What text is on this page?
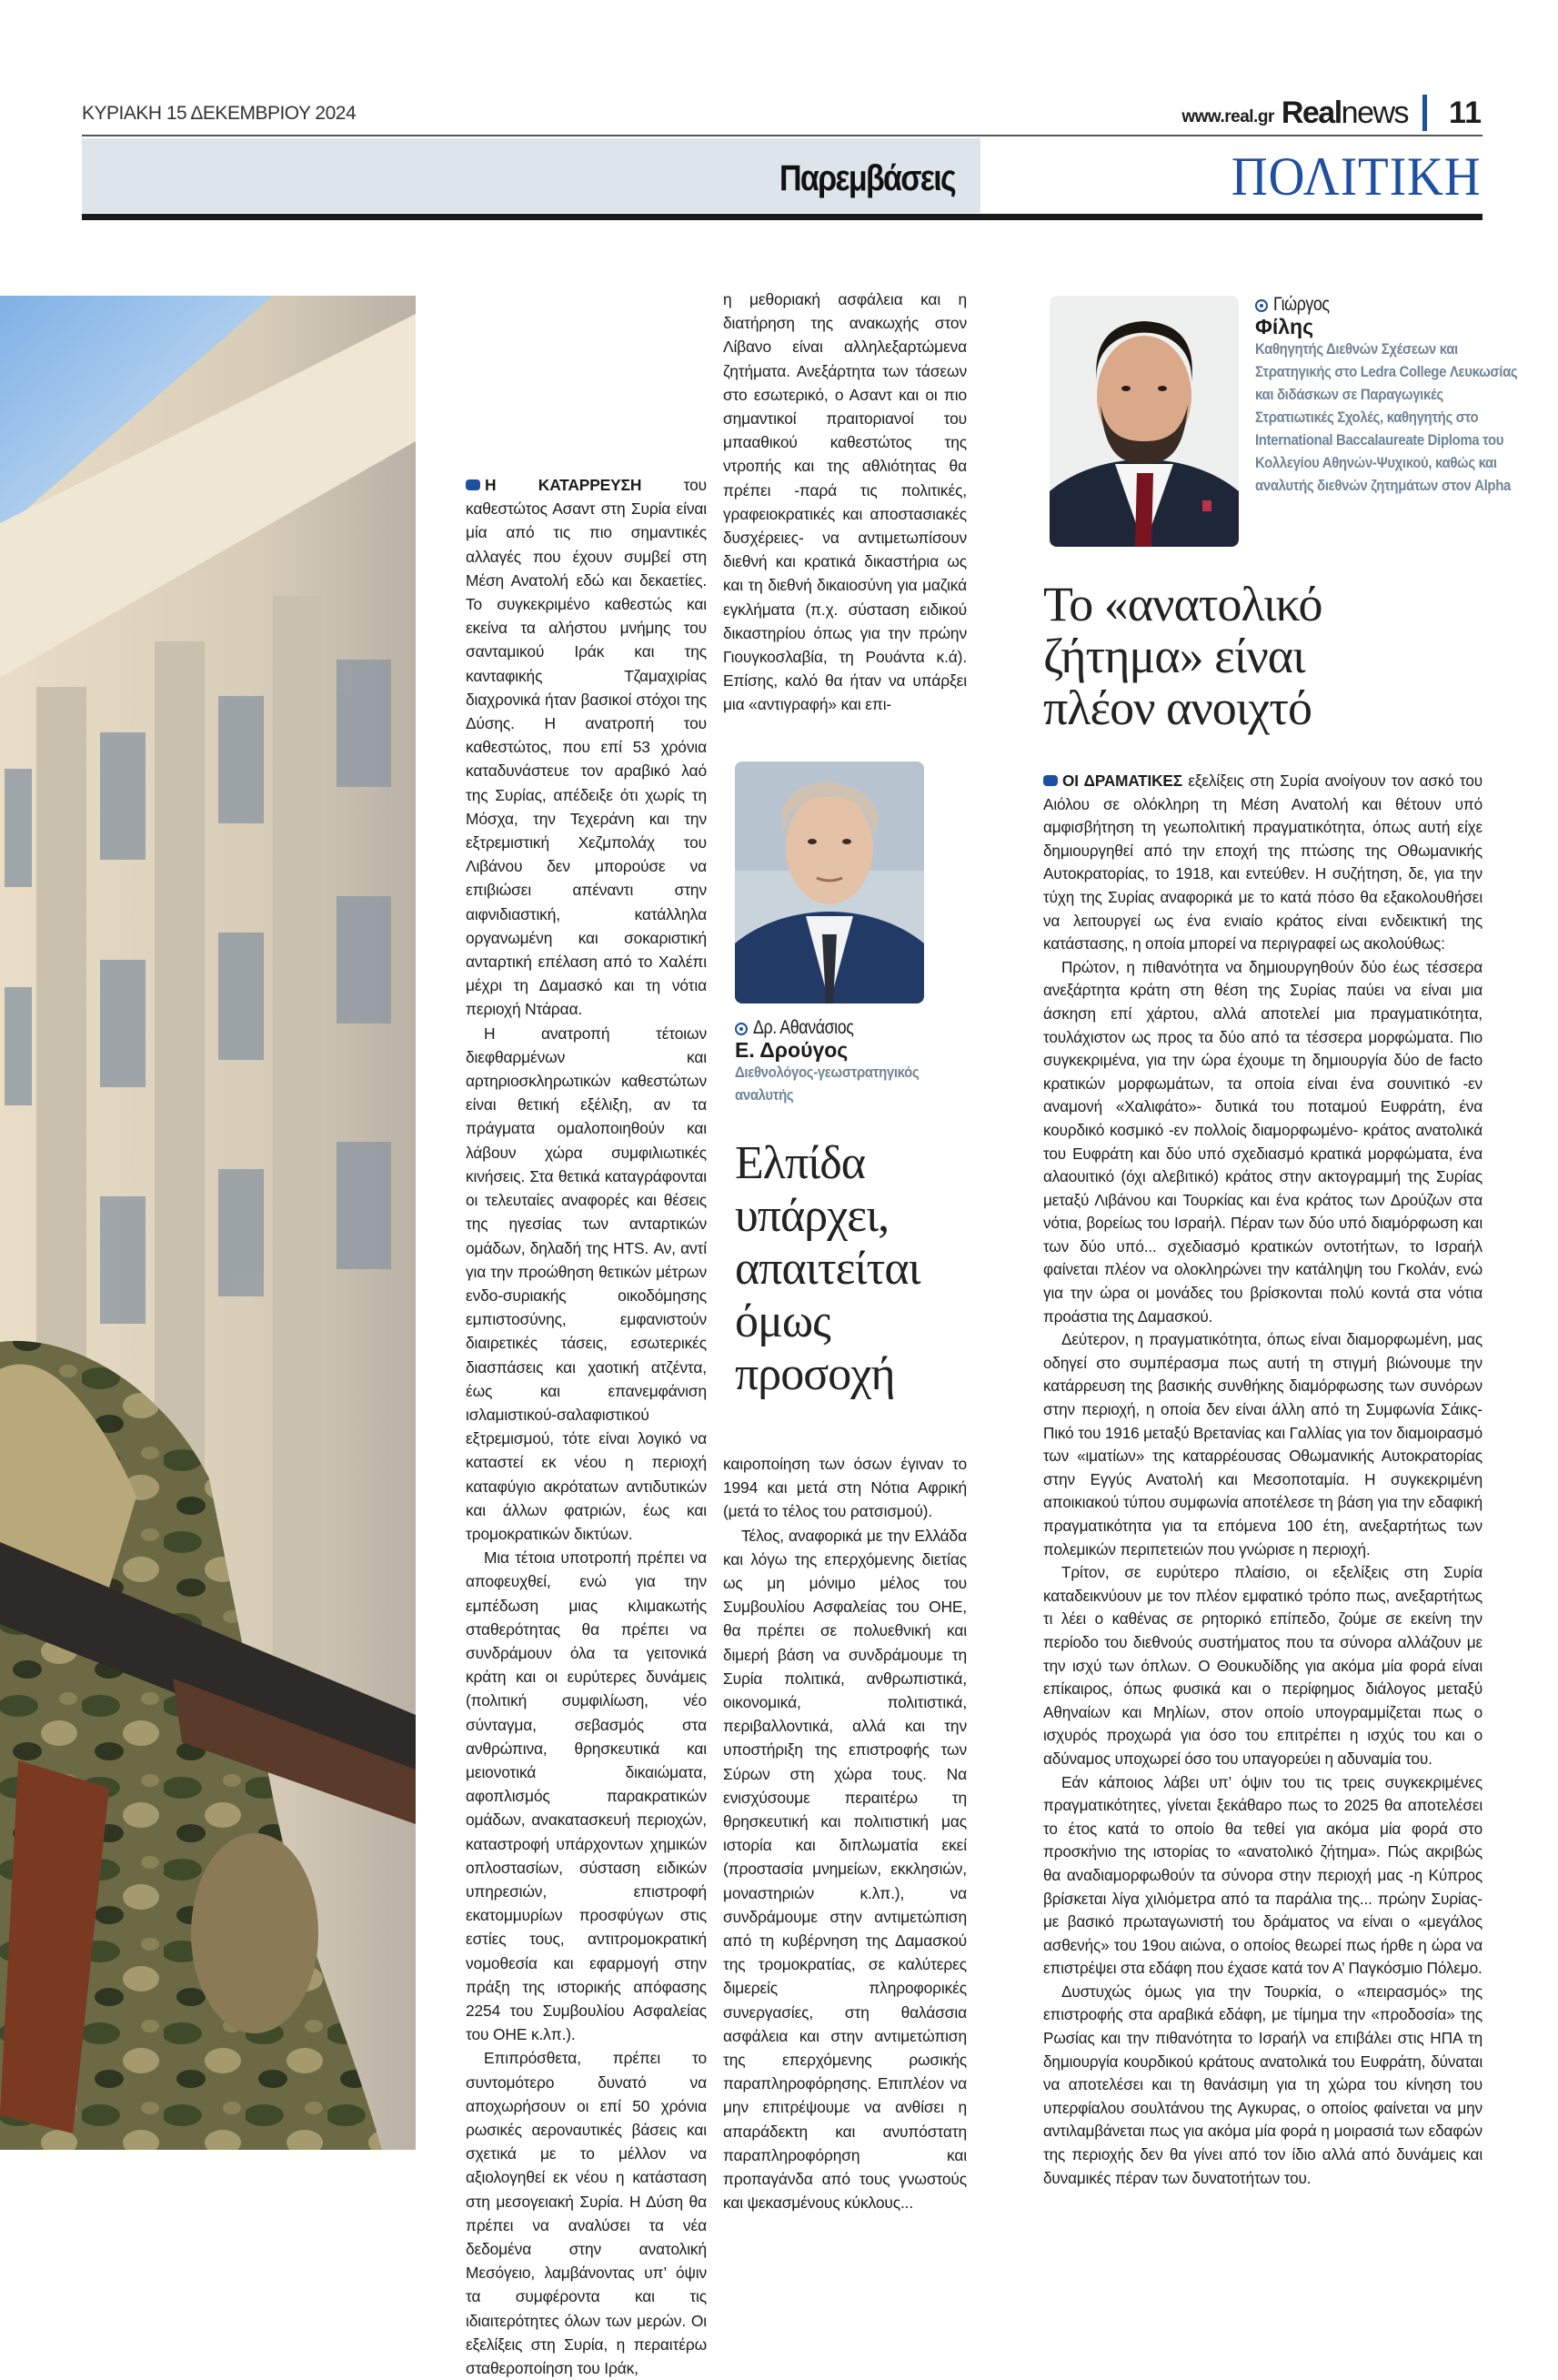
ΚΥΡΙΑΚΗ 15 ΔΕΚΕΜΒΡΙΟΥ 2024	www.real.gr Realnews 11
Παρεμβάσεις	ΠΟΛΙΤΙΚΗ

Η ΚΑΤΑΡΡΕΥΣΗ του καθεστώτος Ασαντ στη Συρία είναι μία από τις πιο σημαντικές αλλαγές που έχουν συμβεί στη Μέση Ανατολή εδώ και δεκαετίες. Το συγκεκριμένο καθεστώς και εκείνα τα αλήστου μνήμης του σανταμικού Ιράκ και της κανταφικής Τζαμαχιρίας διαχρονικά ήταν βασικοί στόχοι της Δύσης. Η ανατροπή του καθεστώτος, που επί 53 χρόνια καταδυνάστευε τον αραβικό λαό της Συρίας, απέδειξε ότι χωρίς τη Μόσχα, την Τεχεράνη και την εξτρεμιστική Χεζμπολάχ του Λιβάνου δεν μπορούσε να επιβιώσει απέναντι στην αιφνιδιαστική, κατάλληλα οργανωμένη και σοκαριστική ανταρτική επέλαση από το Χαλέπι μέχρι τη Δαμασκό και τη νότια περιοχή Ντάραα.

Η ανατροπή τέτοιων διεφθαρμένων και αρτηριοσκληρωτικών καθεστώτων είναι θετική εξέλιξη, αν τα πράγματα ομαλοποιηθούν και λάβουν χώρα συμφιλιωτικές κινήσεις. Στα θετικά καταγράφονται οι τελευταίες αναφορές και θέσεις της ηγεσίας των ανταρτικών ομάδων, δηλαδή της HTS. Αν, αντί για την προώθηση θετικών μέτρων ενδο-συριακής οικοδόμησης εμπιστοσύνης, εμφανιστούν διαιρετικές τάσεις, εσωτερικές διασπάσεις και χαοτική ατζέντα, έως και επανεμφάνιση ισλαμιστικού-σαλαφιστικού εξτρεμισμού, τότε είναι λογικό να καταστεί εκ νέου η περιοχή καταφύγιο ακρότατων αντιδυτικών και άλλων φατριών, έως και τρομοκρατικών δικτύων.

Μια τέτοια υποτροπή πρέπει να αποφευχθεί, ενώ για την εμπέδωση μιας κλιμακωτής σταθερότητας θα πρέπει να συνδράμουν όλα τα γειτονικά κράτη και οι ευρύτερες δυνάμεις (πολιτική συμφιλίωση, νέο σύνταγμα, σεβασμός στα ανθρώπινα, θρησκευτικά και μειονοτικά δικαιώματα, αφοπλισμός παρακρατικών ομάδων, ανακατασκευή περιοχών, καταστροφή υπάρχοντων χημικών οπλοστασίων, σύσταση ειδικών υπηρεσιών, επιστροφή εκατομμυρίων προσφύγων στις εστίες τους, αντιτρομοκρατική νομοθεσία και εφαρμογή στην πράξη της ιστορικής απόφασης 2254 του Συμβουλίου Ασφαλείας του ΟΗΕ κ.λπ.).

Επιπρόσθετα, πρέπει το συντομότερο δυνατό να αποχωρήσουν οι επί 50 χρόνια ρωσικές αεροναυτικές βάσεις και σχετικά με το μέλλον να αξιολογηθεί εκ νέου η κατάσταση στη μεσογειακή Συρία. Η Δύση θα πρέπει να αναλύσει τα νέα δεδομένα στην ανατολική Μεσόγειο, λαμβάνοντας υπ’ όψιν τα συμφέροντα και τις ιδιαιτερότητες όλων των μερών. Οι εξελίξεις στη Συρία, η περαιτέρω σταθεροποίηση του Ιράκ,

η μεθοριακή ασφάλεια και η διατήρηση της ανακωχής στον Λίβανο είναι αλληλεξαρτώμενα ζητήματα. Ανεξάρτητα των τάσεων στο εσωτερικό, ο Ασαντ και οι πιο σημαντικοί πραιτοριανοί του μπααθικού καθεστώτος της ντροπής και της αθλιότητας θα πρέπει -παρά τις πολιτικές, γραφειοκρατικές και αποστασιακές δυσχέρειες- να αντιμετωπίσουν διεθνή και κρατικά δικαστήρια ως και τη διεθνή δικαιοσύνη για μαζικά εγκλήματα (π.χ. σύσταση ειδικού δικαστηρίου όπως για την πρώην Γιουγκοσλαβία, τη Ρουάντα κ.ά). Επίσης, καλό θα ήταν να υπάρξει μια «αντιγραφή» και επι-

Δρ. Αθανάσιος
Ε. Δρούγος
Διεθνολόγος-γεωστρατηγικός αναλυτής
Ελπίδα
υπάρχει,
απαιτείται
όμως
προσοχή

καιροποίηση των όσων έγιναν το 1994 και μετά στη Νότια Αφρική (μετά το τέλος του ρατσισμού).

Τέλος, αναφορικά με την Ελλάδα και λόγω της επερχόμενης διετίας ως μη μόνιμο μέλος του Συμβουλίου Ασφαλείας του ΟΗΕ, θα πρέπει σε πολυεθνική και διμερή βάση να συνδράμουμε τη Συρία πολιτικά, ανθρωπιστικά, οικονομικά, πολιτιστικά, περιβαλλοντικά, αλλά και την υποστήριξη της επιστροφής των Σύρων στη χώρα τους. Να ενισχύσουμε περαιτέρω τη θρησκευτική και πολιτιστική μας ιστορία και διπλωματία εκεί (προστασία μνημείων, εκκλησιών, μοναστηριών κ.λπ.), να συνδράμουμε στην αντιμετώπιση από τη κυβέρνηση της Δαμασκού της τρομοκρατίας, σε καλύτερες διμερείς πληροφορικές συνεργασίες, στη θαλάσσια ασφάλεια και στην αντιμετώπιση της επερχόμενης ρωσικής παραπληροφόρησης. Επιπλέον να μην επιτρέψουμε να ανθίσει η απαράδεκτη και ανυπόστατη παραπληροφόρηση και προπαγάνδα από τους γνωστούς και ψεκασμένους κύκλους...

Γιώργος
Φίλης
Καθηγητής Διεθνών Σχέσεων και Στρατηγικής στο Ledra College Λευκωσίας και διδάσκων σε Παραγωγικές Στρατιωτικές Σχολές, καθηγητής στο International Baccalaureate Diploma του Κολλεγίου Αθηνών-Ψυχικού, καθώς και αναλυτής διεθνών ζητημάτων στον Alpha
Το «ανατολικό
ζήτημα» είναι
πλέον ανοιχτό

ΟΙ ΔΡΑΜΑΤΙΚΕΣ εξελίξεις στη Συρία ανοίγουν τον ασκό του Αιόλου σε ολόκληρη τη Μέση Ανατολή και θέτουν υπό αμφισβήτηση τη γεωπολιτική πραγματικότητα, όπως αυτή είχε δημιουργηθεί από την εποχή της πτώσης της Οθωμανικής Αυτοκρατορίας, το 1918, και εντεύθεν. Η συζήτηση, δε, για την τύχη της Συρίας αναφορικά με το κατά πόσο θα εξακολουθήσει να λειτουργεί ως ένα ενιαίο κράτος είναι ενδεικτική της κατάστασης, η οποία μπορεί να περιγραφεί ως ακολούθως:

Πρώτον, η πιθανότητα να δημιουργηθούν δύο έως τέσσερα ανεξάρτητα κράτη στη θέση της Συρίας παύει να είναι μια άσκηση επί χάρτου, αλλά αποτελεί μια πραγματικότητα, τουλάχιστον ως προς τα δύο από τα τέσσερα μορφώματα. Πιο συγκεκριμένα, για την ώρα έχουμε τη δημιουργία δύο de facto κρατικών μορφωμάτων, τα οποία είναι ένα σουνιτικό -εν αναμονή «Χαλιφάτο»- δυτικά του ποταμού Ευφράτη, ένα κουρδικό κοσμικό -εν πολλοίς διαμορφωμένο- κράτος ανατολικά του Ευφράτη και δύο υπό σχεδιασμό κρατικά μορφώματα, ένα αλαουιτικό (όχι αλεβιτικό) κράτος στην ακτογραμμή της Συρίας μεταξύ Λιβάνου και Τουρκίας και ένα κράτος των Δρούζων στα νότια, βορείως του Ισραήλ. Πέραν των δύο υπό διαμόρφωση και των δύο υπό... σχεδιασμό κρατικών οντοτήτων, το Ισραήλ φαίνεται πλέον να ολοκληρώνει την κατάληψη του Γκολάν, ενώ για την ώρα οι μονάδες του βρίσκονται πολύ κοντά στα νότια προάστια της Δαμασκού.

Δεύτερον, η πραγματικότητα, όπως είναι διαμορφωμένη, μας οδηγεί στο συμπέρασμα πως αυτή τη στιγμή βιώνουμε την κατάρρευση της βασικής συνθήκης διαμόρφωσης των συνόρων στην περιοχή, η οποία δεν είναι άλλη από τη Συμφωνία Σάικς-Πικό του 1916 μεταξύ Βρετανίας και Γαλλίας για τον διαμοιρασμό των «ιματίων» της καταρρέουσας Οθωμανικής Αυτοκρατορίας στην Εγγύς Ανατολή και Μεσοποταμία. Η συγκεκριμένη αποικιακού τύπου συμφωνία αποτέλεσε τη βάση για την εδαφική πραγματικότητα για τα επόμενα 100 έτη, ανεξαρτήτως των πολεμικών περιπετειών που γνώρισε η περιοχή.

Τρίτον, σε ευρύτερο πλαίσιο, οι εξελίξεις στη Συρία καταδεικνύουν με τον πλέον εμφατικό τρόπο πως, ανεξαρτήτως τι λέει ο καθένας σε ρητορικό επίπεδο, ζούμε σε εκείνη την περίοδο του διεθνούς συστήματος που τα σύνορα αλλάζουν με την ισχύ των όπλων. Ο Θουκυδίδης για ακόμα μία φορά είναι επίκαιρος, όπως φυσικά και ο περίφημος διάλογος μεταξύ Αθηναίων και Μηλίων, στον οποίο υπογραμμίζεται πως ο ισχυρός προχωρά για όσο του επιτρέπει η ισχύς του και ο αδύναμος υποχωρεί όσο του υπαγορεύει η αδυναμία του.

Εάν κάποιος λάβει υπ’ όψιν του τις τρεις συγκεκριμένες πραγματικότητες, γίνεται ξεκάθαρο πως το 2025 θα αποτελέσει το έτος κατά το οποίο θα τεθεί για ακόμα μία φορά στο προσκήνιο της ιστορίας το «ανατολικό ζήτημα». Πώς ακριβώς θα αναδιαμορφωθούν τα σύνορα στην περιοχή μας -η Κύπρος βρίσκεται λίγα χιλιόμετρα από τα παράλια της... πρώην Συρίας- με βασικό πρωταγωνιστή του δράματος να είναι ο «μεγάλος ασθενής» του 19ου αιώνα, ο οποίος θεωρεί πως ήρθε η ώρα να επιστρέψει στα εδάφη που έχασε κατά τον Α’ Παγκόσμιο Πόλεμο.

Δυστυχώς όμως για την Τουρκία, ο «πειρασμός» της επιστροφής στα αραβικά εδάφη, με τίμημα την «προδοσία» της Ρωσίας και την πιθανότητα το Ισραήλ να επιβάλει στις ΗΠΑ τη δημιουργία κουρδικού κράτους ανατολικά του Ευφράτη, δύναται να αποτελέσει και τη θανάσιμη για τη χώρα του κίνηση του υπερφίαλου σουλτάνου της Αγκυρας, ο οποίος φαίνεται να μην αντιλαμβάνεται πως για ακόμα μία φορά η μοιρασιά των εδαφών της περιοχής δεν θα γίνει από τον ίδιο αλλά από δυνάμεις και δυναμικές πέραν των δυνατοτήτων του.
